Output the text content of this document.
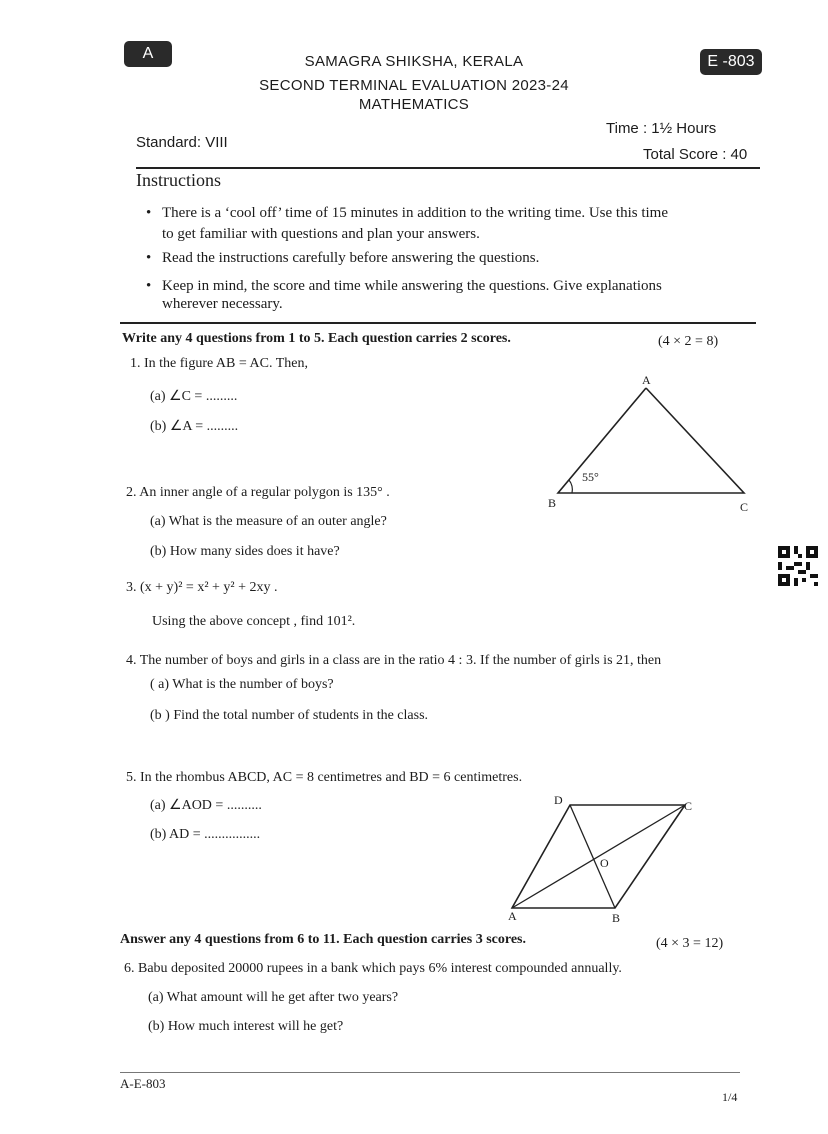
A	E -803
SAMAGRA SHIKSHA, KERALA
SECOND TERMINAL EVALUATION 2023-24
MATHEMATICS
Time : 1½ Hours
Standard: VIII
Total Score : 40
Instructions
• There is a ‘cool off’ time of 15 minutes in addition to the writing time. Use this time
to get familiar with questions and plan your answers.
• Read the instructions carefully before answering the questions.
• Keep in mind, the score and time while answering the questions. Give explanations
wherever necessary.
Write any 4 questions from 1 to 5. Each question carries 2 scores.	(4 × 2 = 8)
1. In the figure AB = AC. Then,
(a) ∠C = .........
(b) ∠A = .........
A
B	C
55°
2. An inner angle of a regular polygon is 135° .
(a) What is the measure of an outer angle?
(b) How many sides does it have?
3. (x + y)² = x² + y² + 2xy .
Using the above concept , find 101².
4. The number of boys and girls in a class are in the ratio 4 : 3. If the number of girls is 21, then
( a) What is the number of boys?
(b ) Find the total number of students in the class.
5. In the rhombus ABCD, AC = 8 centimetres and BD = 6 centimetres.
(a) ∠AOD = ..........
(b) AD = ................
D	C
O
A	B
Answer any 4 questions from 6 to 11. Each question carries 3 scores.	(4 × 3 = 12)
6. Babu deposited 20000 rupees in a bank which pays 6% interest compounded annually.
(a) What amount will he get after two years?
(b) How much interest will he get?
A-E-803
1/4
